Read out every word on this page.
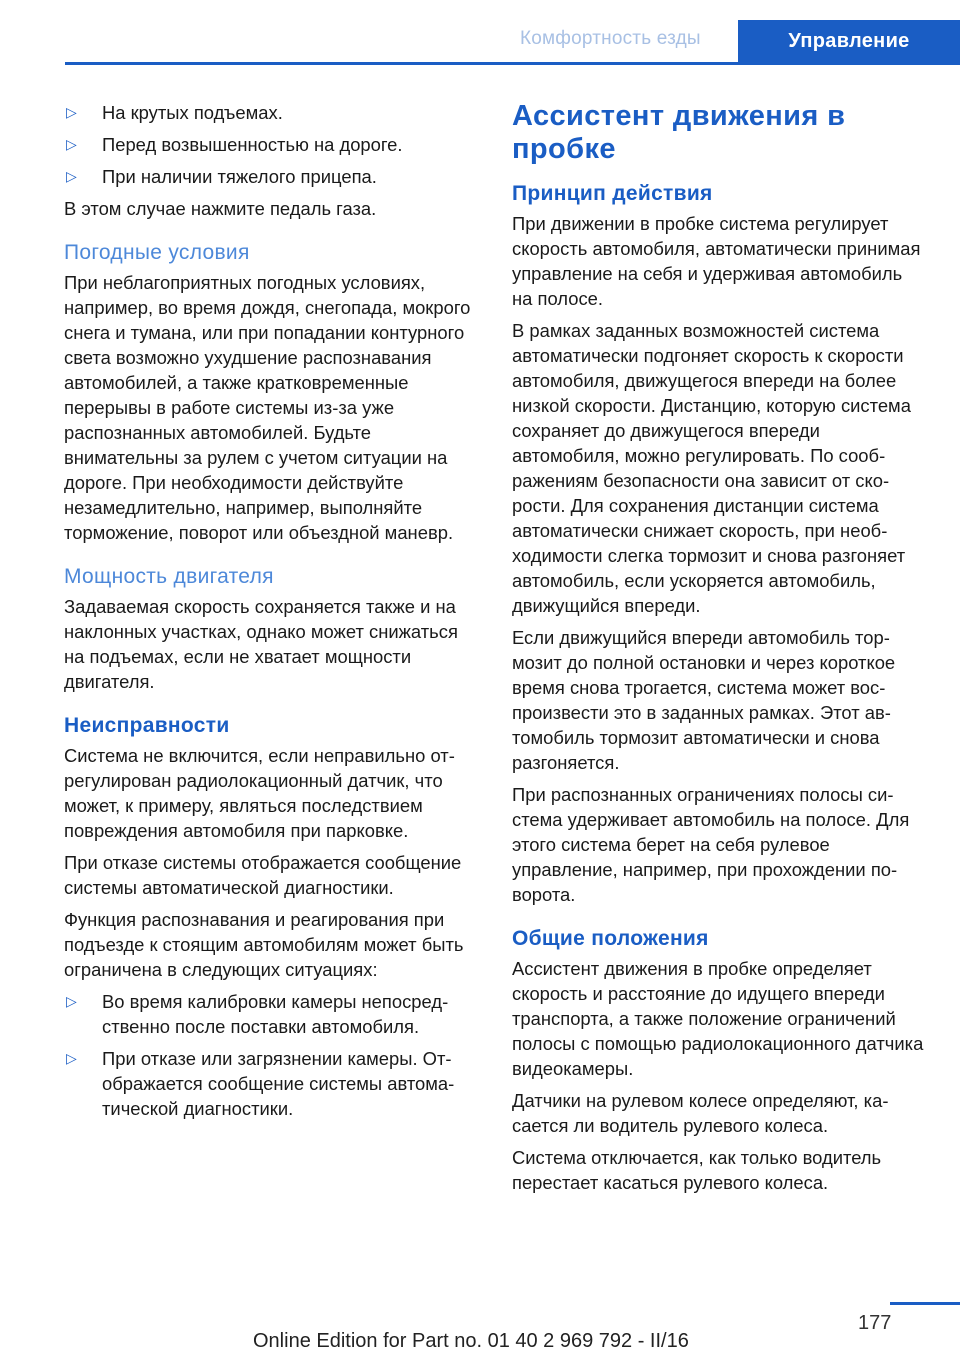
Комфортность езды	Управление
▷	На крутых подъемах.
▷	Перед возвышенностью на дороге.
▷	При наличии тяжелого прицепа.

В этом случае нажмите педаль газа.

Погодные условия

При неблагоприятных погодных условиях, например, во время дождя, снегопада, мокрого снега и тумана, или при попадании контурного света возможно ухудшение распознавания автомобилей, а также кратковременные перерывы в работе системы из-за уже распознанных автомобилей. Будьте внимательны за рулем с учетом ситуации на дороге. При необходимости действуйте незамедлительно, например, выполняйте торможение, поворот или объездной маневр.

Мощность двигателя

Задаваемая скорость сохраняется также и на наклонных участках, однако может снижаться на подъемах, если не хватает мощности двигателя.

Неисправности

Система не включится, если неправильно отрегулирован радиолокационный датчик, что может, к примеру, являться последствием повреждения автомобиля при парковке.

При отказе системы отображается сообщение системы автоматической диагностики.

Функция распознавания и реагирования при подъезде к стоящим автомобилям может быть ограничена в следующих ситуациях:

▷	Во время калибровки камеры непосредственно после поставки автомобиля.
▷	При отказе или загрязнении камеры. Отображается сообщение системы автоматической диагностики.
Ассистент движения в пробке
Принцип действия

При движении в пробке система регулирует скорость автомобиля, автоматически принимая управление на себя и удерживая автомобиль на полосе.

В рамках заданных возможностей система автоматически подгоняет скорость к скорости автомобиля, движущегося впереди на более низкой скорости. Дистанцию, которую система сохраняет до движущегося впереди автомобиля, можно регулировать. По соображениям безопасности она зависит от скорости. Для сохранения дистанции система автоматически снижает скорость, при необходимости слегка тормозит и снова разгоняет автомобиль, если ускоряется автомобиль, движущийся впереди.

Если движущийся впереди автомобиль тормозит до полной остановки и через короткое время снова трогается, система может воспроизвести это в заданных рамках. Этот автомобиль тормозит автоматически и снова разгоняется.

При распознанных ограничениях полосы система удерживает автомобиль на полосе. Для этого система берет на себя рулевое управление, например, при прохождении поворота.

Общие положения

Ассистент движения в пробке определяет скорость и расстояние до идущего впереди транспорта, а также положение ограничений полосы с помощью радиолокационного датчика видеокамеры.

Датчики на рулевом колесе определяют, касается ли водитель рулевого колеса.

Система отключается, как только водитель перестает касаться рулевого колеса.

177
Online Edition for Part no. 01 40 2 969 792 - II/16
